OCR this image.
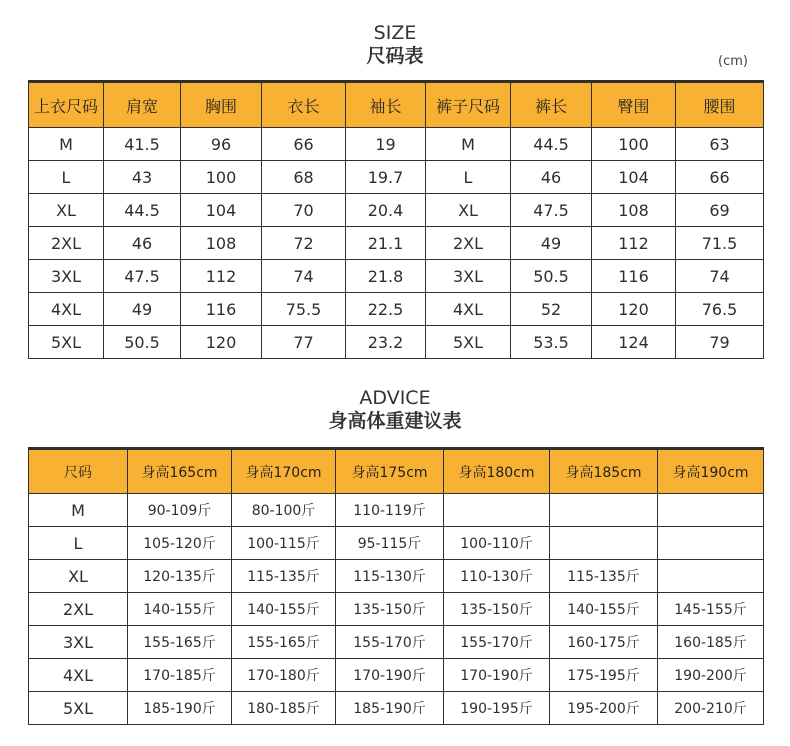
SIZE
尺码表	(cm)
上衣尺码	肩宽	胸围	衣长	袖长	裤子尺码	裤长	臀围	腰围
M	41.5	96	66	19	M	44.5	100	63
L	43	100	68	19.7	L	46	104	66
XL	44.5	104	70	20.4	XL	47.5	108	69
2XL	46	108	72	21.1	2XL	49	112	71.5
3XL	47.5	112	74	21.8	3XL	50.5	116	74
4XL	49	116	75.5	22.5	4XL	52	120	76.5
5XL	50.5	120	77	23.2	5XL	53.5	124	79
ADVICE
身高体重建议表
尺码	身高165cm	身高170cm	身高175cm	身高180cm	身高185cm	身高190cm
M	90-109斤	80-100斤	110-119斤			
L	105-120斤	100-115斤	95-115斤	100-110斤		
XL	120-135斤	115-135斤	115-130斤	110-130斤	115-135斤	
2XL	140-155斤	140-155斤	135-150斤	135-150斤	140-155斤	145-155斤
3XL	155-165斤	155-165斤	155-170斤	155-170斤	160-175斤	160-185斤
4XL	170-185斤	170-180斤	170-190斤	170-190斤	175-195斤	190-200斤
5XL	185-190斤	180-185斤	185-190斤	190-195斤	195-200斤	200-210斤
